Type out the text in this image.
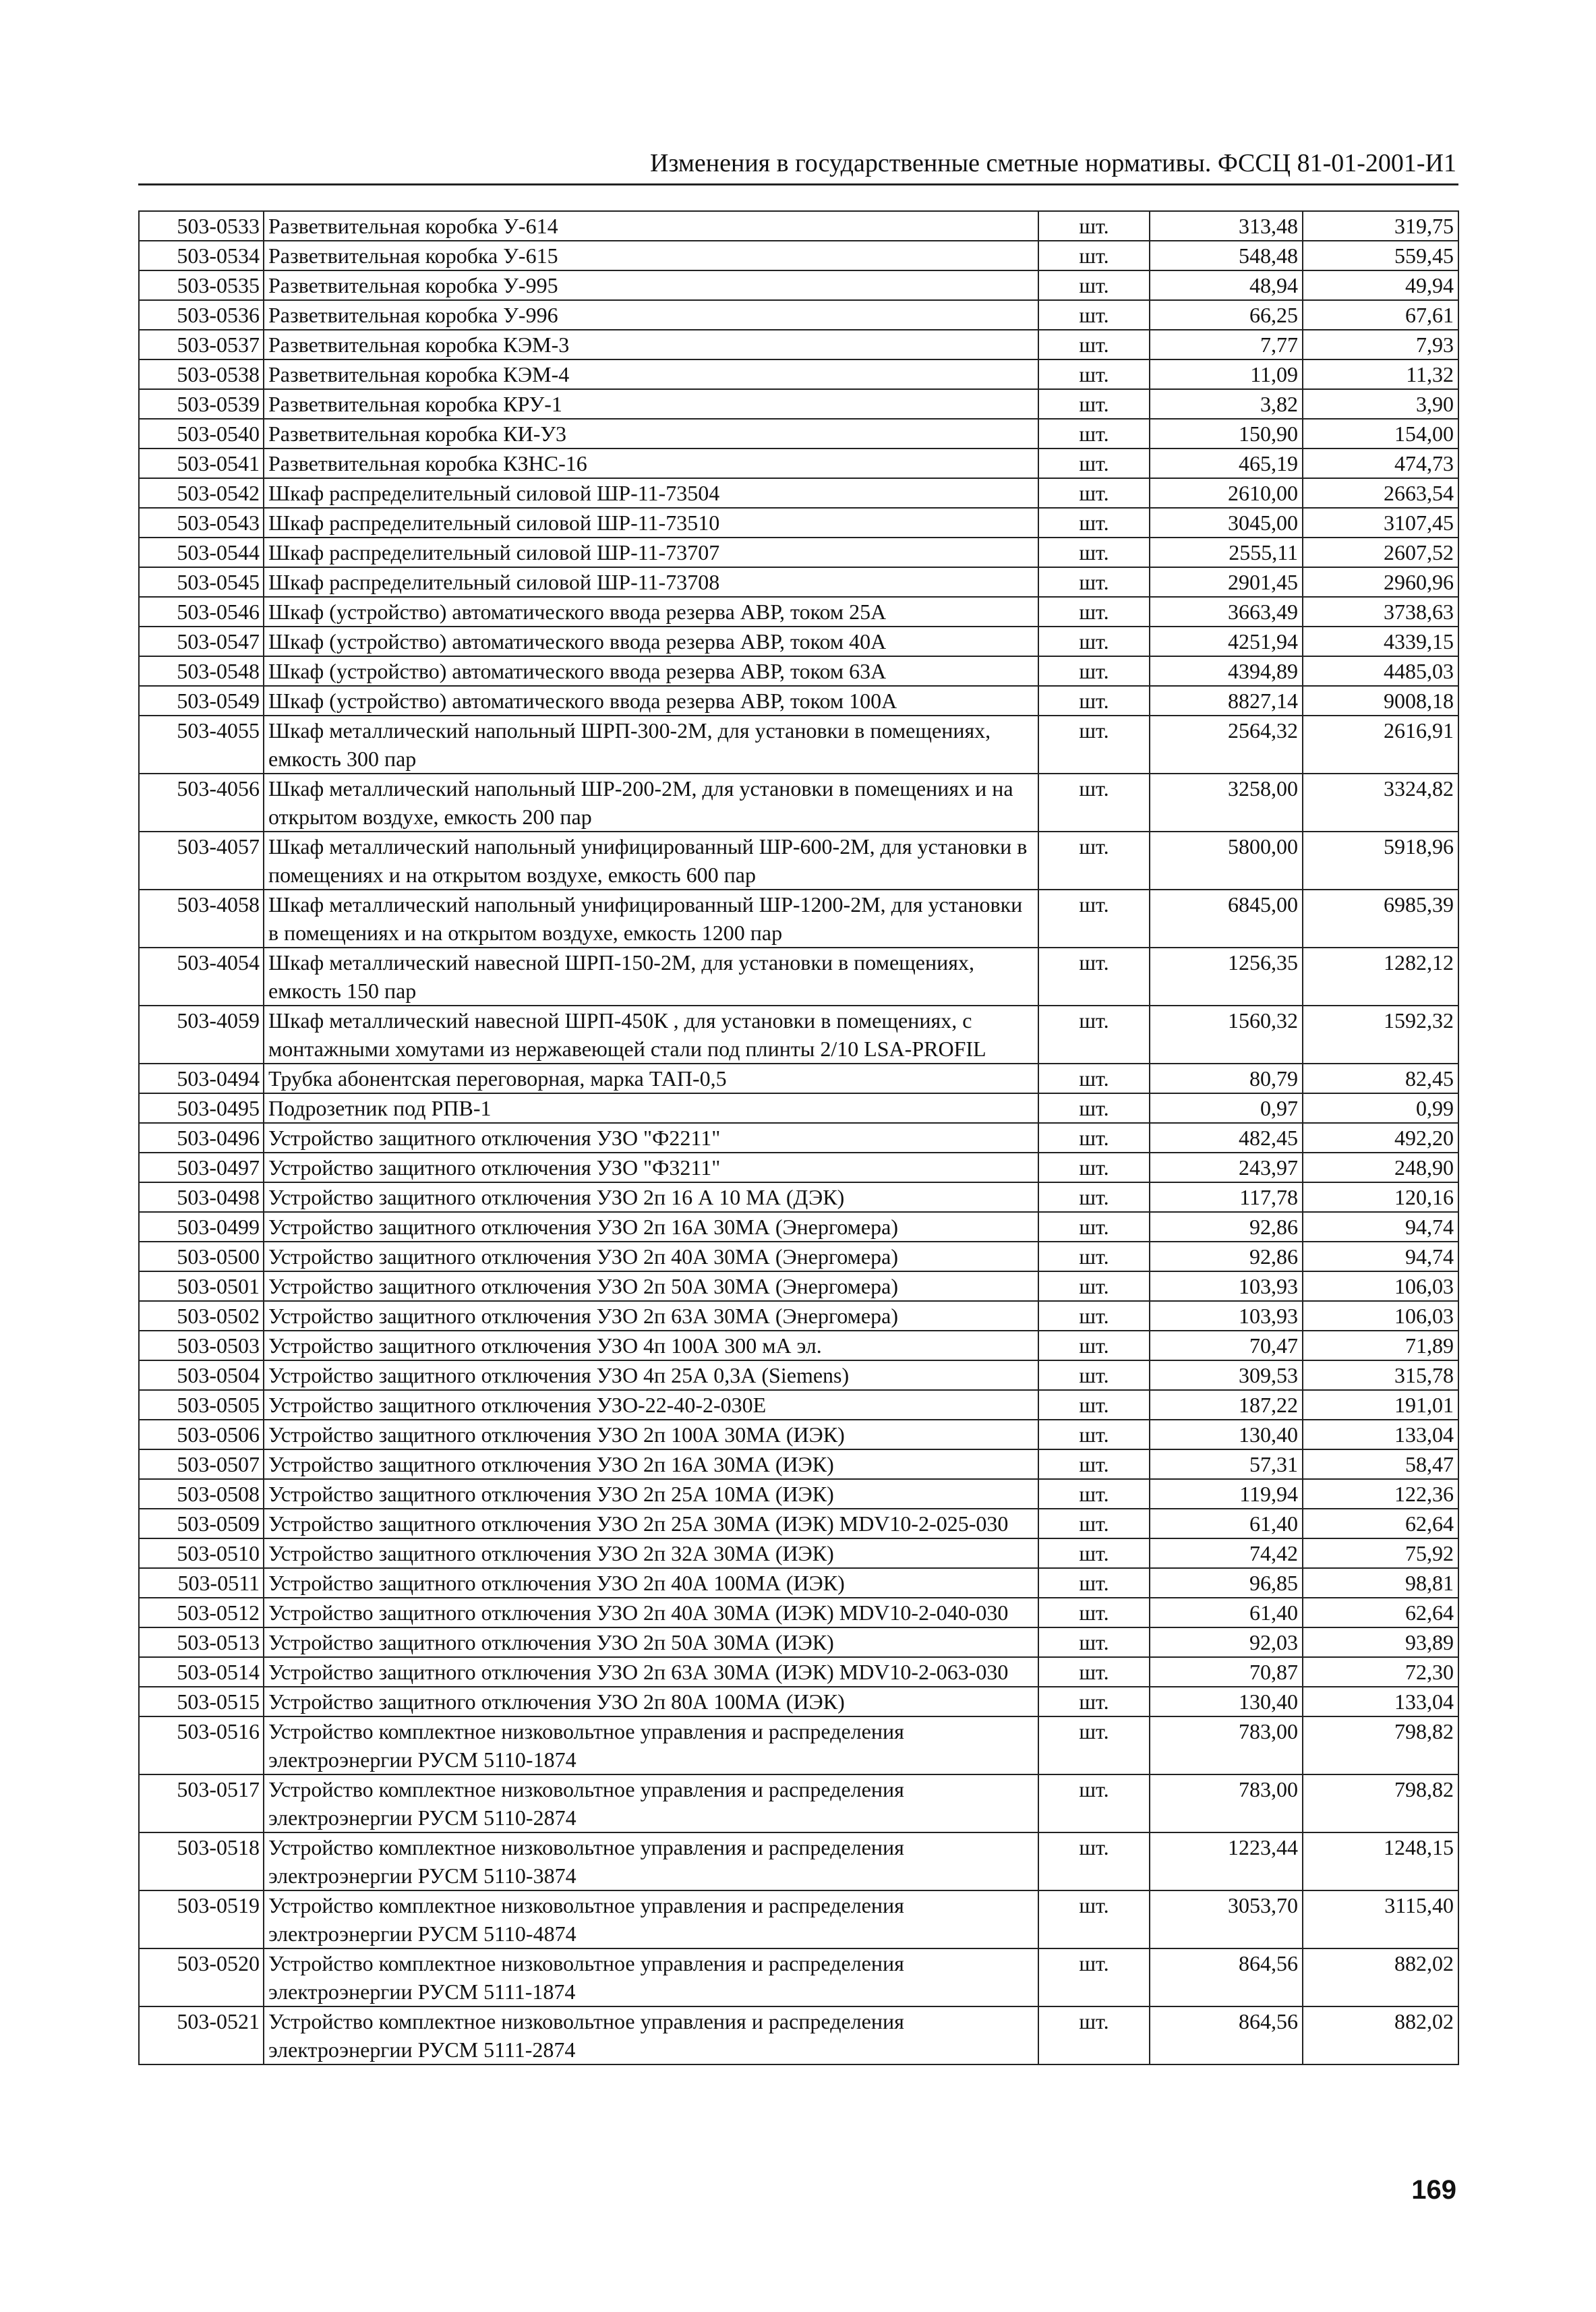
Изменения в государственные сметные нормативы. ФССЦ 81-01-2001-И1
503-0533	Разветвительная коробка У-614	шт.	313,48	319,75
503-0534	Разветвительная коробка У-615	шт.	548,48	559,45
503-0535	Разветвительная коробка У-995	шт.	48,94	49,94
503-0536	Разветвительная коробка У-996	шт.	66,25	67,61
503-0537	Разветвительная коробка КЭМ-3	шт.	7,77	7,93
503-0538	Разветвительная коробка КЭМ-4	шт.	11,09	11,32
503-0539	Разветвительная коробка КРУ-1	шт.	3,82	3,90
503-0540	Разветвительная коробка КИ-У3	шт.	150,90	154,00
503-0541	Разветвительная коробка КЗНС-16	шт.	465,19	474,73
503-0542	Шкаф распределительный силовой ШР-11-73504	шт.	2610,00	2663,54
503-0543	Шкаф распределительный силовой ШР-11-73510	шт.	3045,00	3107,45
503-0544	Шкаф распределительный силовой ШР-11-73707	шт.	2555,11	2607,52
503-0545	Шкаф распределительный силовой ШР-11-73708	шт.	2901,45	2960,96
503-0546	Шкаф (устройство) автоматического ввода резерва АВР, током 25А	шт.	3663,49	3738,63
503-0547	Шкаф (устройство) автоматического ввода резерва АВР, током 40А	шт.	4251,94	4339,15
503-0548	Шкаф (устройство) автоматического ввода резерва АВР, током 63А	шт.	4394,89	4485,03
503-0549	Шкаф (устройство) автоматического ввода резерва АВР, током 100А	шт.	8827,14	9008,18
503-4055	Шкаф металлический напольный ШРП-300-2М, для установки в помещениях, емкость 300 пар	шт.	2564,32	2616,91
503-4056	Шкаф металлический напольный ШР-200-2М, для установки в помещениях и на открытом воздухе, емкость 200 пар	шт.	3258,00	3324,82
503-4057	Шкаф металлический напольный унифицированный ШР-600-2М, для установки в помещениях и на открытом воздухе, емкость 600 пар	шт.	5800,00	5918,96
503-4058	Шкаф металлический напольный унифицированный ШР-1200-2М, для установки в помещениях и на открытом воздухе, емкость 1200 пар	шт.	6845,00	6985,39
503-4054	Шкаф металлический навесной ШРП-150-2М, для установки в помещениях, емкость 150 пар	шт.	1256,35	1282,12
503-4059	Шкаф металлический навесной ШРП-450К , для установки в помещениях, с монтажными хомутами из нержавеющей стали под плинты 2/10 LSA-PROFIL	шт.	1560,32	1592,32
503-0494	Трубка абонентская переговорная, марка ТАП-0,5	шт.	80,79	82,45
503-0495	Подрозетник под РПВ-1	шт.	0,97	0,99
503-0496	Устройство защитного отключения УЗО "Ф2211"	шт.	482,45	492,20
503-0497	Устройство защитного отключения УЗО "Ф3211"	шт.	243,97	248,90
503-0498	Устройство защитного отключения УЗО 2п 16 А 10 МА (ДЭК)	шт.	117,78	120,16
503-0499	Устройство защитного отключения УЗО 2п 16А 30МА (Энергомера)	шт.	92,86	94,74
503-0500	Устройство защитного отключения УЗО 2п 40А 30МА (Энергомера)	шт.	92,86	94,74
503-0501	Устройство защитного отключения УЗО 2п 50А 30МА (Энергомера)	шт.	103,93	106,03
503-0502	Устройство защитного отключения УЗО 2п 63А 30МА (Энергомера)	шт.	103,93	106,03
503-0503	Устройство защитного отключения УЗО 4п 100А 300 мА эл.	шт.	70,47	71,89
503-0504	Устройство защитного отключения УЗО 4п 25А 0,3А (Siemens)	шт.	309,53	315,78
503-0505	Устройство защитного отключения УЗО-22-40-2-030Е	шт.	187,22	191,01
503-0506	Устройство защитного отключения УЗО 2п 100А 30МА (ИЭК)	шт.	130,40	133,04
503-0507	Устройство защитного отключения УЗО 2п 16А 30МА (ИЭК)	шт.	57,31	58,47
503-0508	Устройство защитного отключения УЗО 2п 25А 10МА (ИЭК)	шт.	119,94	122,36
503-0509	Устройство защитного отключения УЗО 2п 25А 30МА (ИЭК) MDV10-2-025-030	шт.	61,40	62,64
503-0510	Устройство защитного отключения УЗО 2п 32А 30МА (ИЭК)	шт.	74,42	75,92
503-0511	Устройство защитного отключения УЗО 2п 40А 100МА (ИЭК)	шт.	96,85	98,81
503-0512	Устройство защитного отключения УЗО 2п 40А 30МА (ИЭК) MDV10-2-040-030	шт.	61,40	62,64
503-0513	Устройство защитного отключения УЗО 2п 50А 30МА (ИЭК)	шт.	92,03	93,89
503-0514	Устройство защитного отключения УЗО 2п 63А 30МА (ИЭК) MDV10-2-063-030	шт.	70,87	72,30
503-0515	Устройство защитного отключения УЗО 2п 80А 100МА (ИЭК)	шт.	130,40	133,04
503-0516	Устройство комплектное низковольтное управления и распределения электроэнергии РУСМ 5110-1874	шт.	783,00	798,82
503-0517	Устройство комплектное низковольтное управления и распределения электроэнергии РУСМ 5110-2874	шт.	783,00	798,82
503-0518	Устройство комплектное низковольтное управления и распределения электроэнергии РУСМ 5110-3874	шт.	1223,44	1248,15
503-0519	Устройство комплектное низковольтное управления и распределения электроэнергии РУСМ 5110-4874	шт.	3053,70	3115,40
503-0520	Устройство комплектное низковольтное управления и распределения электроэнергии РУСМ 5111-1874	шт.	864,56	882,02
503-0521	Устройство комплектное низковольтное управления и распределения электроэнергии РУСМ 5111-2874	шт.	864,56	882,02
169
